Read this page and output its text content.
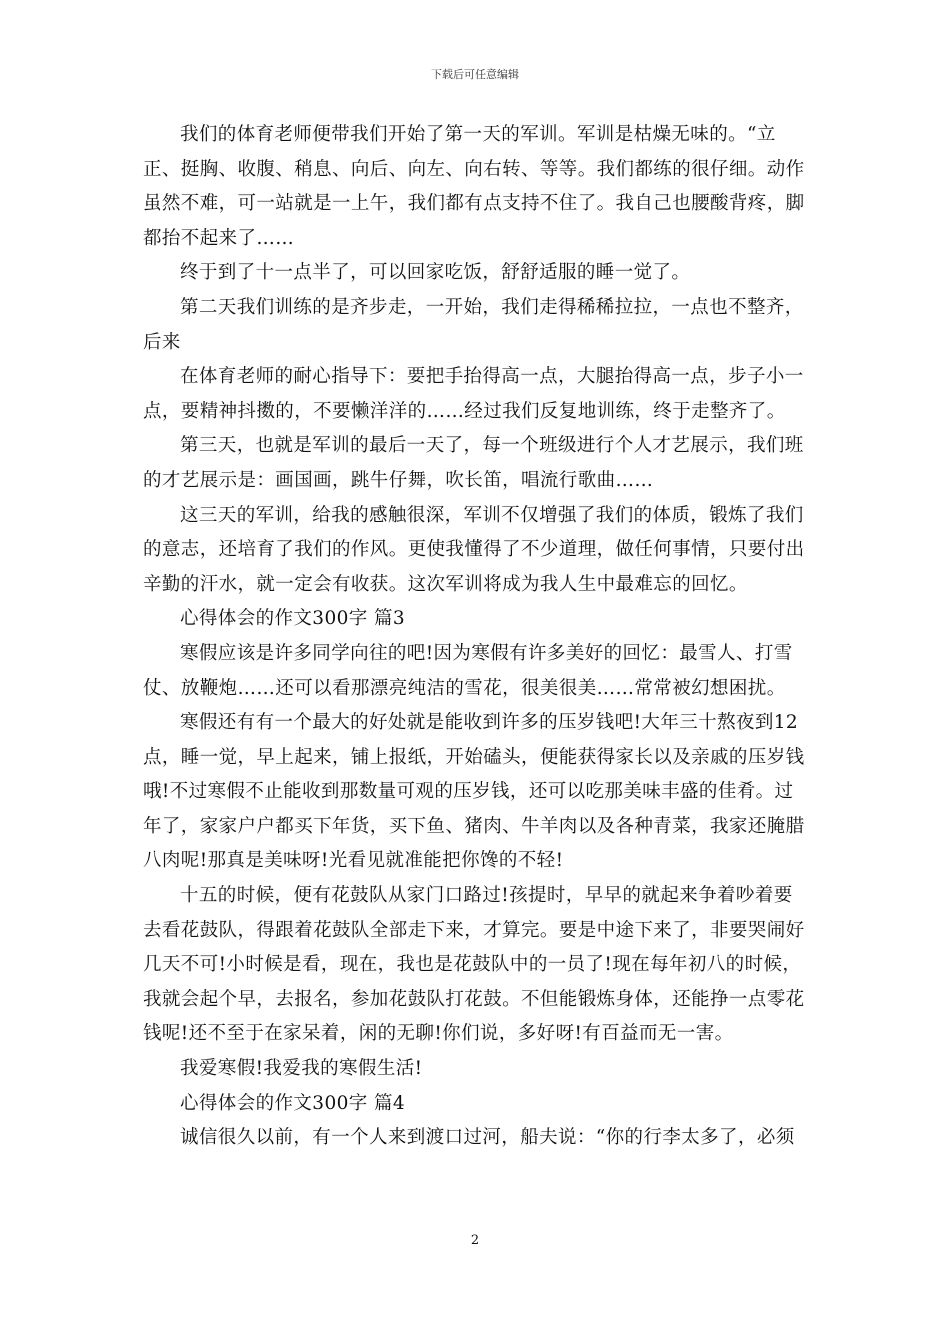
下载后可任意编辑

我们的体育老师便带我们开始了第一天的军训。军训是枯燥无味的。“立正、挺胸、收腹、稍息、向后、向左、向右转、等等。我们都练的很仔细。动作虽然不难，可一站就是一上午，我们都有点支持不住了。我自己也腰酸背疼，脚都抬不起来了……

终于到了十一点半了，可以回家吃饭，舒舒适服的睡一觉了。

第二天我们训练的是齐步走，一开始，我们走得稀稀拉拉，一点也不整齐，后来

在体育老师的耐心指导下：要把手抬得高一点，大腿抬得高一点，步子小一点，要精神抖擞的，不要懒洋洋的……经过我们反复地训练，终于走整齐了。

第三天，也就是军训的最后一天了，每一个班级进行个人才艺展示，我们班的才艺展示是：画国画，跳牛仔舞，吹长笛，唱流行歌曲……

这三天的军训，给我的感触很深，军训不仅增强了我们的体质，锻炼了我们的意志，还培育了我们的作风。更使我懂得了不少道理，做任何事情，只要付出辛勤的汗水，就一定会有收获。这次军训将成为我人生中最难忘的回忆。

心得体会的作文300字 篇3

寒假应该是许多同学向往的吧!因为寒假有许多美好的回忆：最雪人、打雪仗、放鞭炮……还可以看那漂亮纯洁的雪花，很美很美……常常被幻想困扰。

寒假还有有一个最大的好处就是能收到许多的压岁钱吧!大年三十熬夜到12点，睡一觉，早上起来，铺上报纸，开始磕头，便能获得家长以及亲戚的压岁钱哦!不过寒假不止能收到那数量可观的压岁钱，还可以吃那美味丰盛的佳肴。过年了，家家户户都买下年货，买下鱼、猪肉、牛羊肉以及各种青菜，我家还腌腊八肉呢!那真是美味呀!光看见就准能把你馋的不轻!

十五的时候，便有花鼓队从家门口路过!孩提时，早早的就起来争着吵着要去看花鼓队，得跟着花鼓队全部走下来，才算完。要是中途下来了，非要哭闹好几天不可!小时候是看，现在，我也是花鼓队中的一员了!现在每年初八的时候，我就会起个早，去报名，参加花鼓队打花鼓。不但能锻炼身体，还能挣一点零花钱呢!还不至于在家呆着，闲的无聊!你们说，多好呀!有百益而无一害。

我爱寒假!我爱我的寒假生活!

心得体会的作文300字 篇4

诚信很久以前，有一个人来到渡口过河，船夫说：“你的行李太多了，必须

2
